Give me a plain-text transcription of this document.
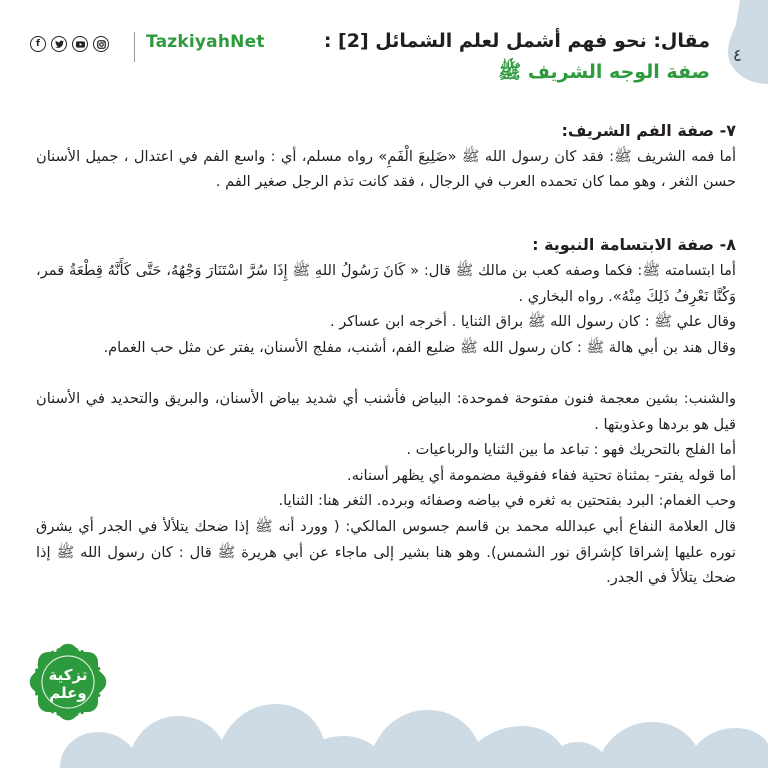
٤
مقال: نحو فهم أشمل لعلم الشمائل [2] :
صفة الوجه الشريف ﷺ
TazkiyahNet
f

٧- صفة الفم الشريف:

أما فمه الشريف ﷺ: فقد كان رسول الله ﷺ «ضَلِيعَ الْفَمِ» رواه مسلم، أي : واسع الفم في اعتدال ، جميل الأسنان حسن الثغر ، وهو مما كان تحمده العرب في الرجال ، فقد كانت تذم الرجل صغير الفم .

٨- صفة الابتسامة النبوية :

أما ابتسامته ﷺ: فكما وصفه كعب بن مالك ﷺ قال: « كَانَ رَسُولُ اللهِ ﷺ إِذَا سُرَّ اسْتَنَارَ وَجْهُهُ، حَتَّى كَأَنَّهُ قِطْعَةُ قمر، وَكُنَّا نَعْرِفُ ذَلِكَ مِنْهُ». رواه البخاري .

وقال علي ﷺ : كان رسول الله ﷺ براق الثنايا . أخرجه ابن عساكر .

وقال هند بن أبي هالة ﷺ : كان رسول الله ﷺ ضليع الفم، أشنب، مفلج الأسنان، يفتر عن مثل حب الغمام.

والشنب: بشين معجمة فنون مفتوحة فموحدة: البياض فأشنب أي شديد بياض الأسنان، والبريق والتحديد في الأسنان قيل هو بردها وعذوبتها .

أما الفلج بالتحريك فهو : تباعد ما بين الثنايا والرباعيات .

أما قوله يفتر- بمثناة تحتية ففاء ففوقية مضمومة أي يظهر أسنانه.

وحب الغمام: البرد بفتحتين به ثغره في بياضه وصفائه وبرده. الثغر هنا: الثنايا.

قال العلامة النفاع أبي عبدالله محمد بن قاسم جسوس المالكي: ( وورد أنه ﷺ إذا ضحك يتلألأ في الجدر أي يشرق نوره عليها إشراقا كإشراق نور الشمس). وهو هنا بشير إلى ماجاء عن أبي هريرة ﷺ قال : كان رسول الله ﷺ إذا ضحك يتلألأ في الجدر.

تزكية
وعلم
